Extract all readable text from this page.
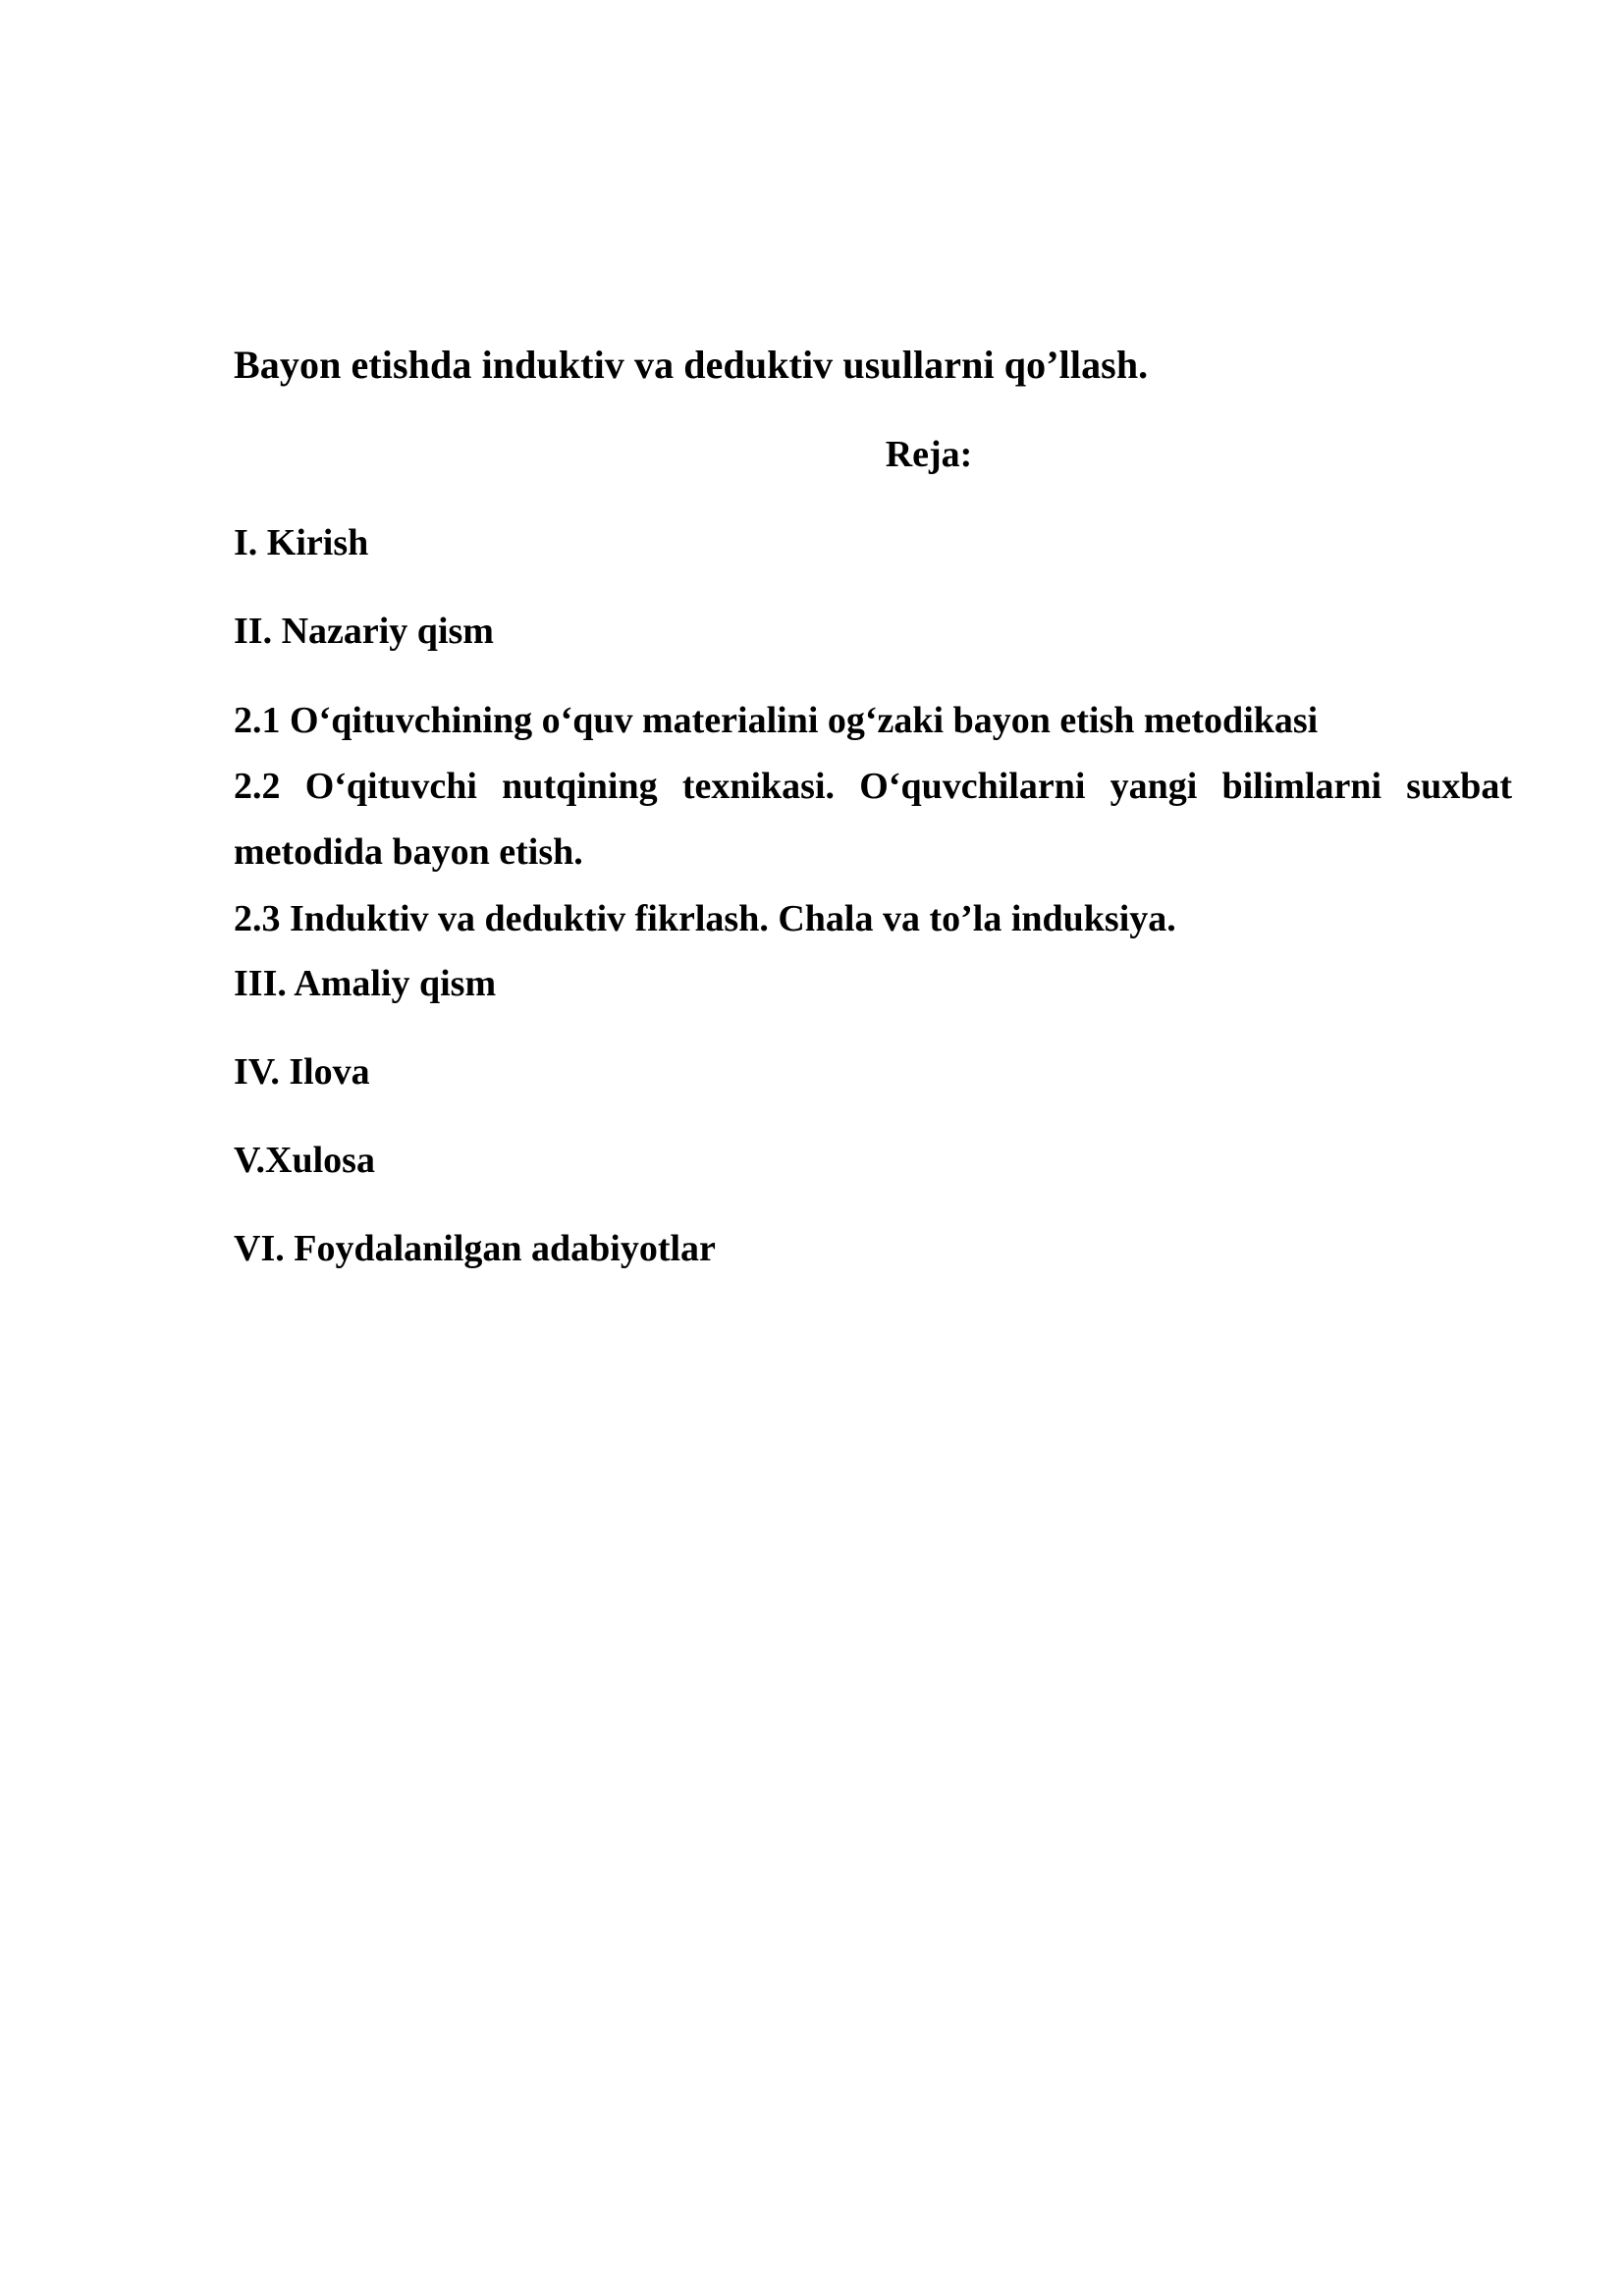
Bayon etishda induktiv va deduktiv usullarni qo’llash.
Reja:
I. Kirish
II. Nazariy qism
2.1 O‘qituvchining o‘quv materialini og‘zaki bayon etish metodikasi
2.2 O‘qituvchi nutqining texnikasi. O‘quvchilarni yangi bilimlarni suxbat
metodida bayon etish.
2.3 Induktiv va deduktiv fikrlash. Chala va to’la induksiya.
III. Amaliy qism
IV. Ilova
V.Xulosa
VI. Foydalanilgan adabiyotlar
